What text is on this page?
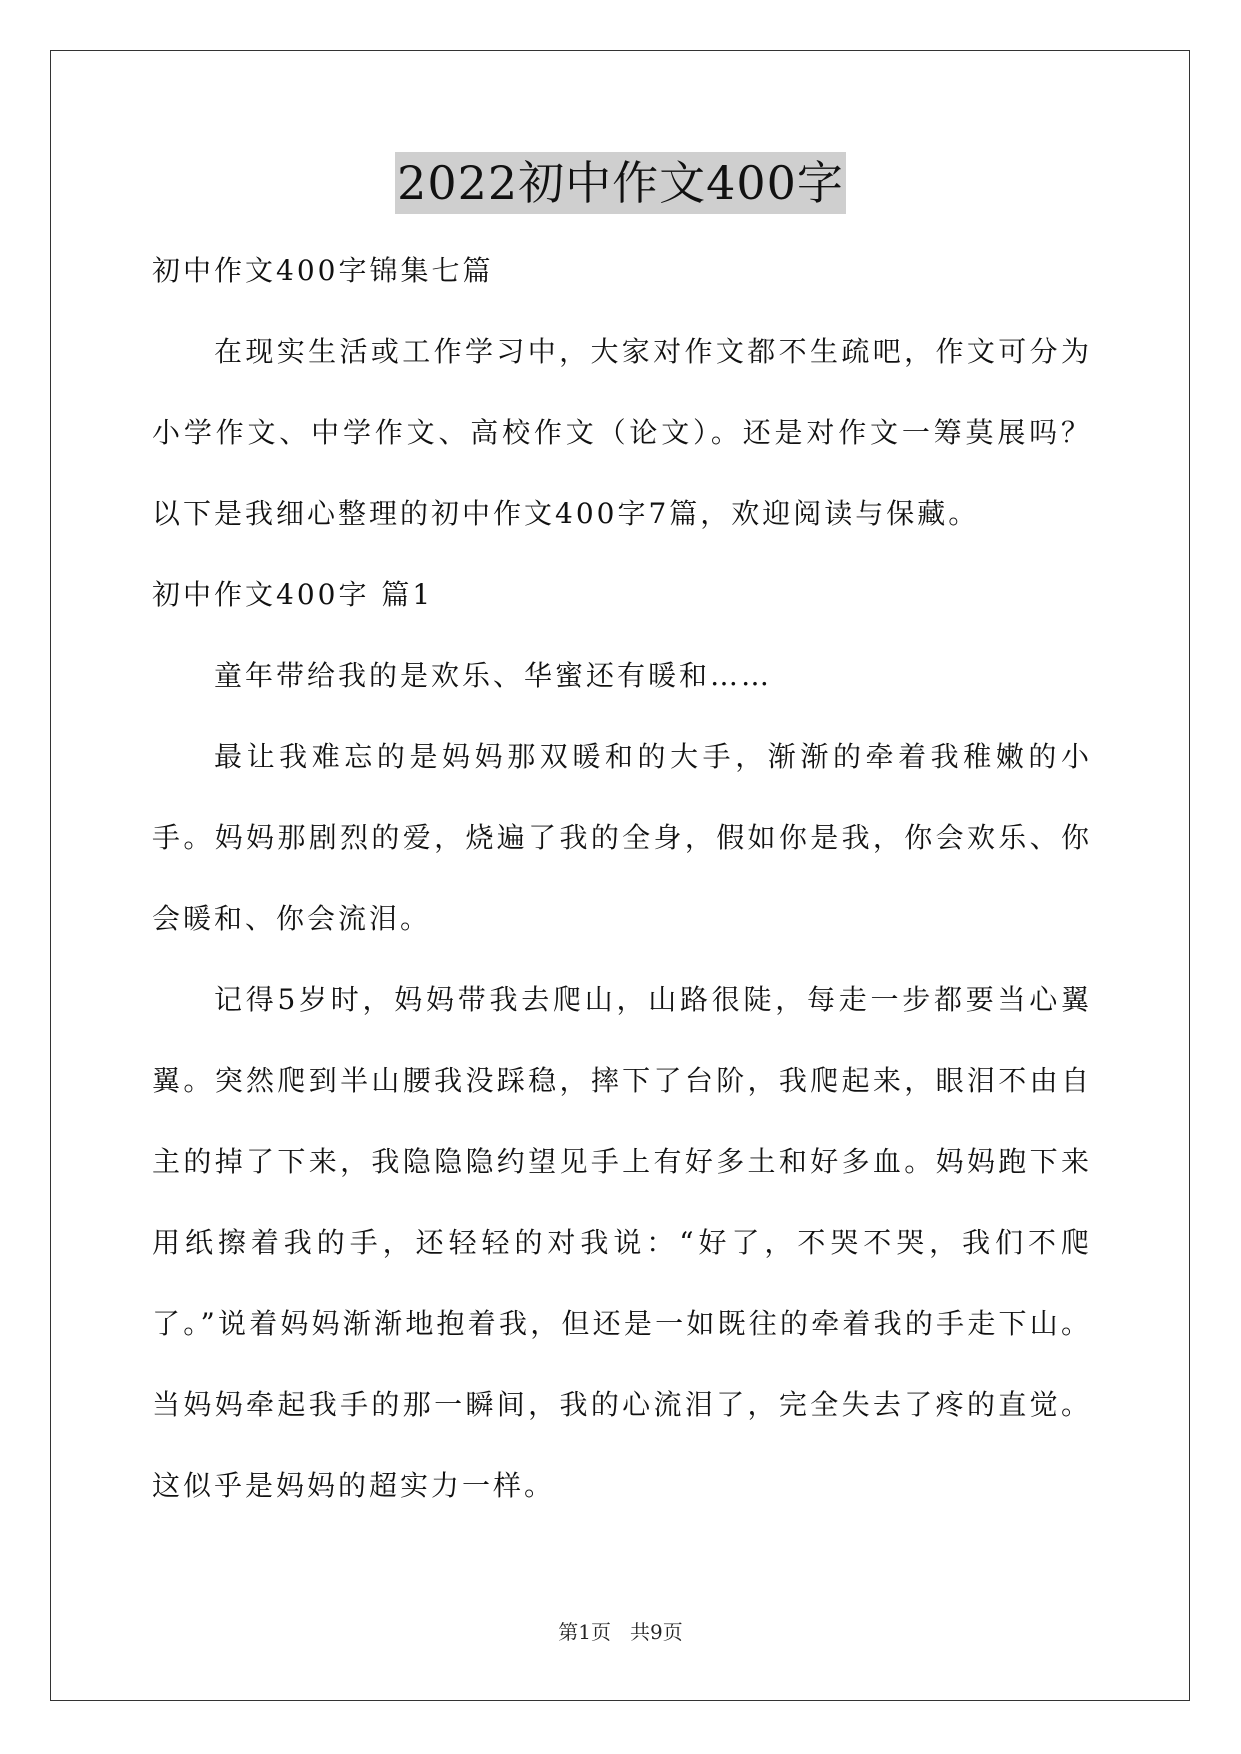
2022初中作文400字

初中作文400字锦集七篇

在现实生活或工作学习中，大家对作文都不生疏吧，作文可分为小学作文、中学作文、高校作文（论文）。还是对作文一筹莫展吗？以下是我细心整理的初中作文400字7篇，欢迎阅读与保藏。

初中作文400字 篇1

童年带给我的是欢乐、华蜜还有暖和……

最让我难忘的是妈妈那双暖和的大手，渐渐的牵着我稚嫩的小手。妈妈那剧烈的爱，烧遍了我的全身，假如你是我，你会欢乐、你会暖和、你会流泪。

记得5岁时，妈妈带我去爬山，山路很陡，每走一步都要当心翼翼。突然爬到半山腰我没踩稳，摔下了台阶，我爬起来，眼泪不由自主的掉了下来，我隐隐隐约望见手上有好多土和好多血。妈妈跑下来用纸擦着我的手，还轻轻的对我说：“好了，不哭不哭，我们不爬了。”说着妈妈渐渐地抱着我，但还是一如既往的牵着我的手走下山。当妈妈牵起我手的那一瞬间，我的心流泪了，完全失去了疼的直觉。这似乎是妈妈的超实力一样。

第1页   共9页
